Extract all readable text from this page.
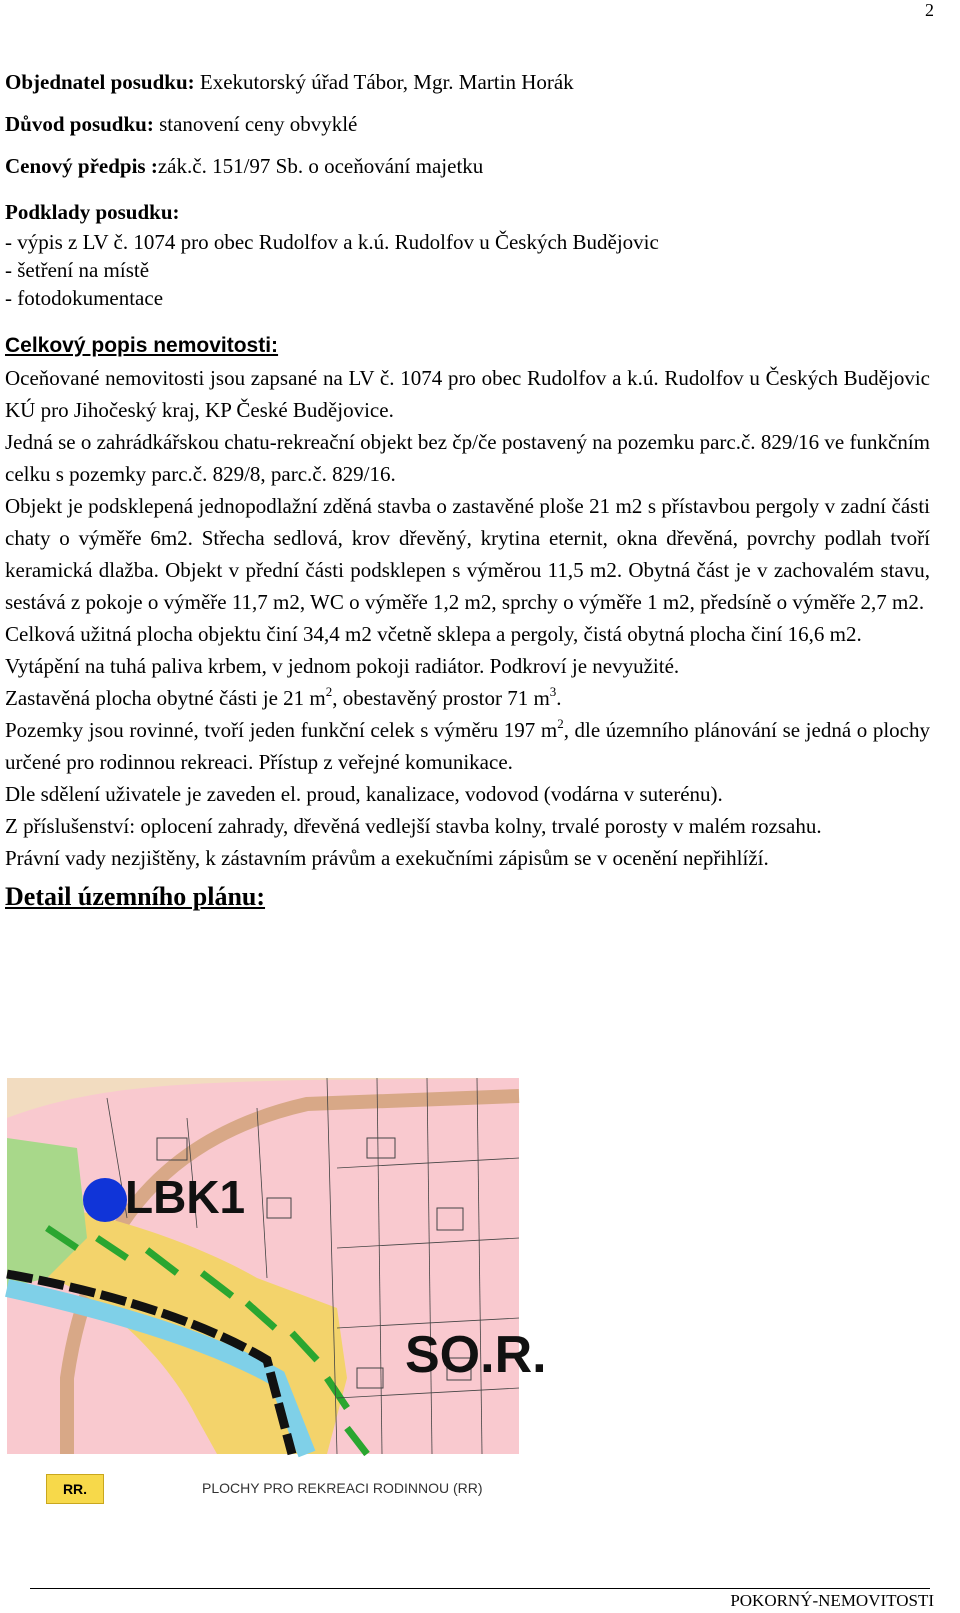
2
Objednatel posudku: Exekutorský úřad Tábor, Mgr. Martin Horák
Důvod posudku: stanovení ceny obvyklé
Cenový předpis :zák.č. 151/97 Sb. o oceňování majetku
Podklady posudku:
- výpis z LV č. 1074 pro obec Rudolfov a k.ú. Rudolfov u Českých Budějovic
- šetření na místě
- fotodokumentace
Celkový popis nemovitosti:
Oceňované nemovitosti jsou zapsané na LV č. 1074 pro obec Rudolfov a k.ú. Rudolfov u Českých Budějovic KÚ pro Jihočeský kraj, KP České Budějovice.
Jedná se o zahrádkářskou chatu-rekreační objekt bez čp/če postavený na pozemku parc.č. 829/16 ve funkčním celku s pozemky parc.č. 829/8, parc.č. 829/16.
Objekt je podsklepená jednopodlažní zděná stavba o zastavěné ploše 21 m2 s přístavbou pergoly v zadní části chaty o výměře 6m2. Střecha sedlová, krov dřevěný, krytina eternit, okna dřevěná, povrchy podlah tvoří keramická dlažba. Objekt v přední části podsklepen s výměrou 11,5 m2. Obytná část je v zachovalém stavu, sestává z pokoje o výměře 11,7 m2, WC o výměře 1,2 m2, sprchy o výměře 1 m2, předsíně o výměře 2,7 m2.
Celková užitná plocha objektu činí 34,4 m2 včetně sklepa a pergoly, čistá obytná plocha činí 16,6 m2.
Vytápění na tuhá paliva krbem, v jednom pokoji radiátor. Podkroví je nevyužité.
Zastavěná plocha obytné části je 21 $m^2$, obestavěný prostor 71 $m^3$.
Pozemky jsou rovinné, tvoří jeden funkční celek s výměru 197 $m^2$, dle územního plánování se jedná o plochy určené pro rodinnou rekreaci. Přístup z veřejné komunikace.
Dle sdělení uživatele je zaveden el. proud, kanalizace, vodovod (vodárna v suterénu).
Z příslušenství: oplocení zahrady, dřevěná vedlejší stavba kolny, trvalé porosty v malém rozsahu.
Právní vady nezjištěny, k zástavním právům a exekučními zápisům se v ocenění nepřihlíží.
Detail územního plánu:
LBK1
SO.R.
RR.	PLOCHY PRO REKREACI RODINNOU (RR)
POKORNÝ-NEMOVITOSTI
